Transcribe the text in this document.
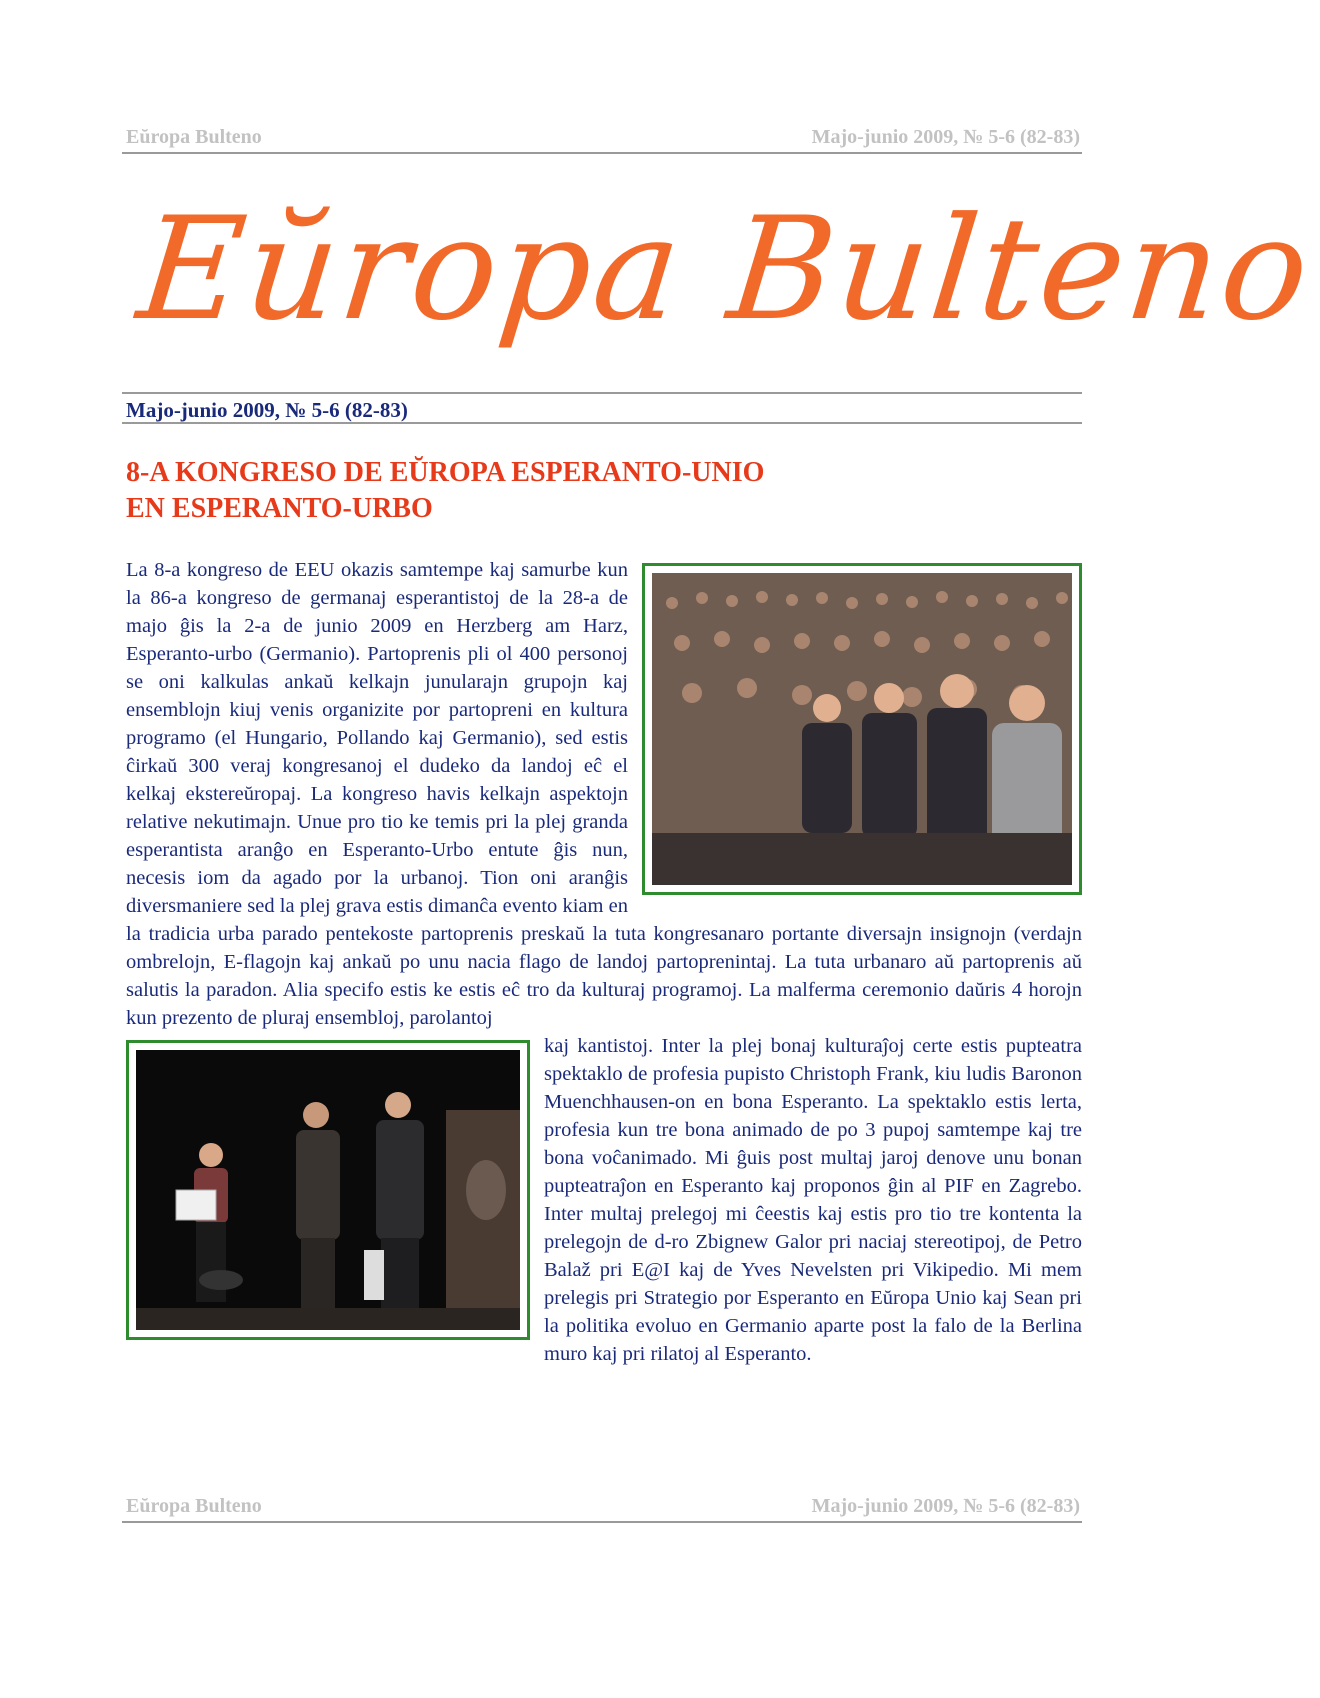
Eŭropa Bulteno	Majo-junio 2009, № 5-6 (82-83)
Eŭropa Bulteno
Majo-junio 2009, № 5-6 (82-83)
8-A KONGRESO DE EŬROPA ESPERANTO-UNIO
EN ESPERANTO-URBO

La 8-a kongreso de EEU okazis samtempe kaj samurbe kun la 86-a kongreso de germanaj esperantistoj de la 28-a de majo ĝis la 2-a de junio 2009 en Herzberg am Harz, Esperanto-urbo (Germanio). Partoprenis pli ol 400 personoj se oni kalkulas ankaŭ kelkajn junularajn grupojn kaj ensemblojn kiuj venis organizite por partopreni en kultura programo (el Hungario, Pollando kaj Germanio), sed estis ĉirkaŭ 300 veraj kongresanoj el dudeko da landoj eĉ el kelkaj ekstereŭropaj. La kongreso havis kelkajn aspektojn relative nekutimajn. Unue pro tio ke temis pri la plej granda esperantista aranĝo en Esperanto-Urbo entute ĝis nun, necesis iom da agado por la urbanoj. Tion oni aranĝis diversmaniere sed la plej grava estis dimanĉa evento kiam en la tradicia urba parado pentekoste partoprenis preskaŭ la tuta kongresanaro portante diversajn insignojn (verdajn ombrelojn, E-flagojn kaj ankaŭ po unu nacia flago de landoj partoprenintaj. La tuta urbanaro aŭ partoprenis aŭ salutis la paradon. Alia specifo estis ke estis eĉ tro da kulturaj programoj. La malferma ceremonio daŭris 4 horojn kun prezento de pluraj ensembloj, parolantoj

kaj kantistoj. Inter la plej bonaj kulturaĵoj certe estis pupteatra spektaklo de profesia pupisto Christoph Frank, kiu ludis Baronon Muenchhausen-on en bona Esperanto. La spektaklo estis lerta, profesia kun tre bona animado de po 3 pupoj samtempe kaj tre bona voĉanimado. Mi ĝuis post multaj jaroj denove unu bonan pupteatraĵon en Esperanto kaj proponos ĝin al PIF en Zagrebo. Inter multaj prelegoj mi ĉeestis kaj estis pro tio tre kontenta la prelegojn de d-ro Zbignew Galor pri naciaj stereotipoj, de Petro Balaž pri E@I kaj de Yves Nevelsten pri Vikipedio. Mi mem prelegis pri Strategio por Esperanto en Eŭropa Unio kaj Sean pri la politika evoluo en Germanio aparte post la falo de la Berlina muro kaj pri rilatoj al Esperanto.

Eŭropa Bulteno	Majo-junio 2009, № 5-6 (82-83)
